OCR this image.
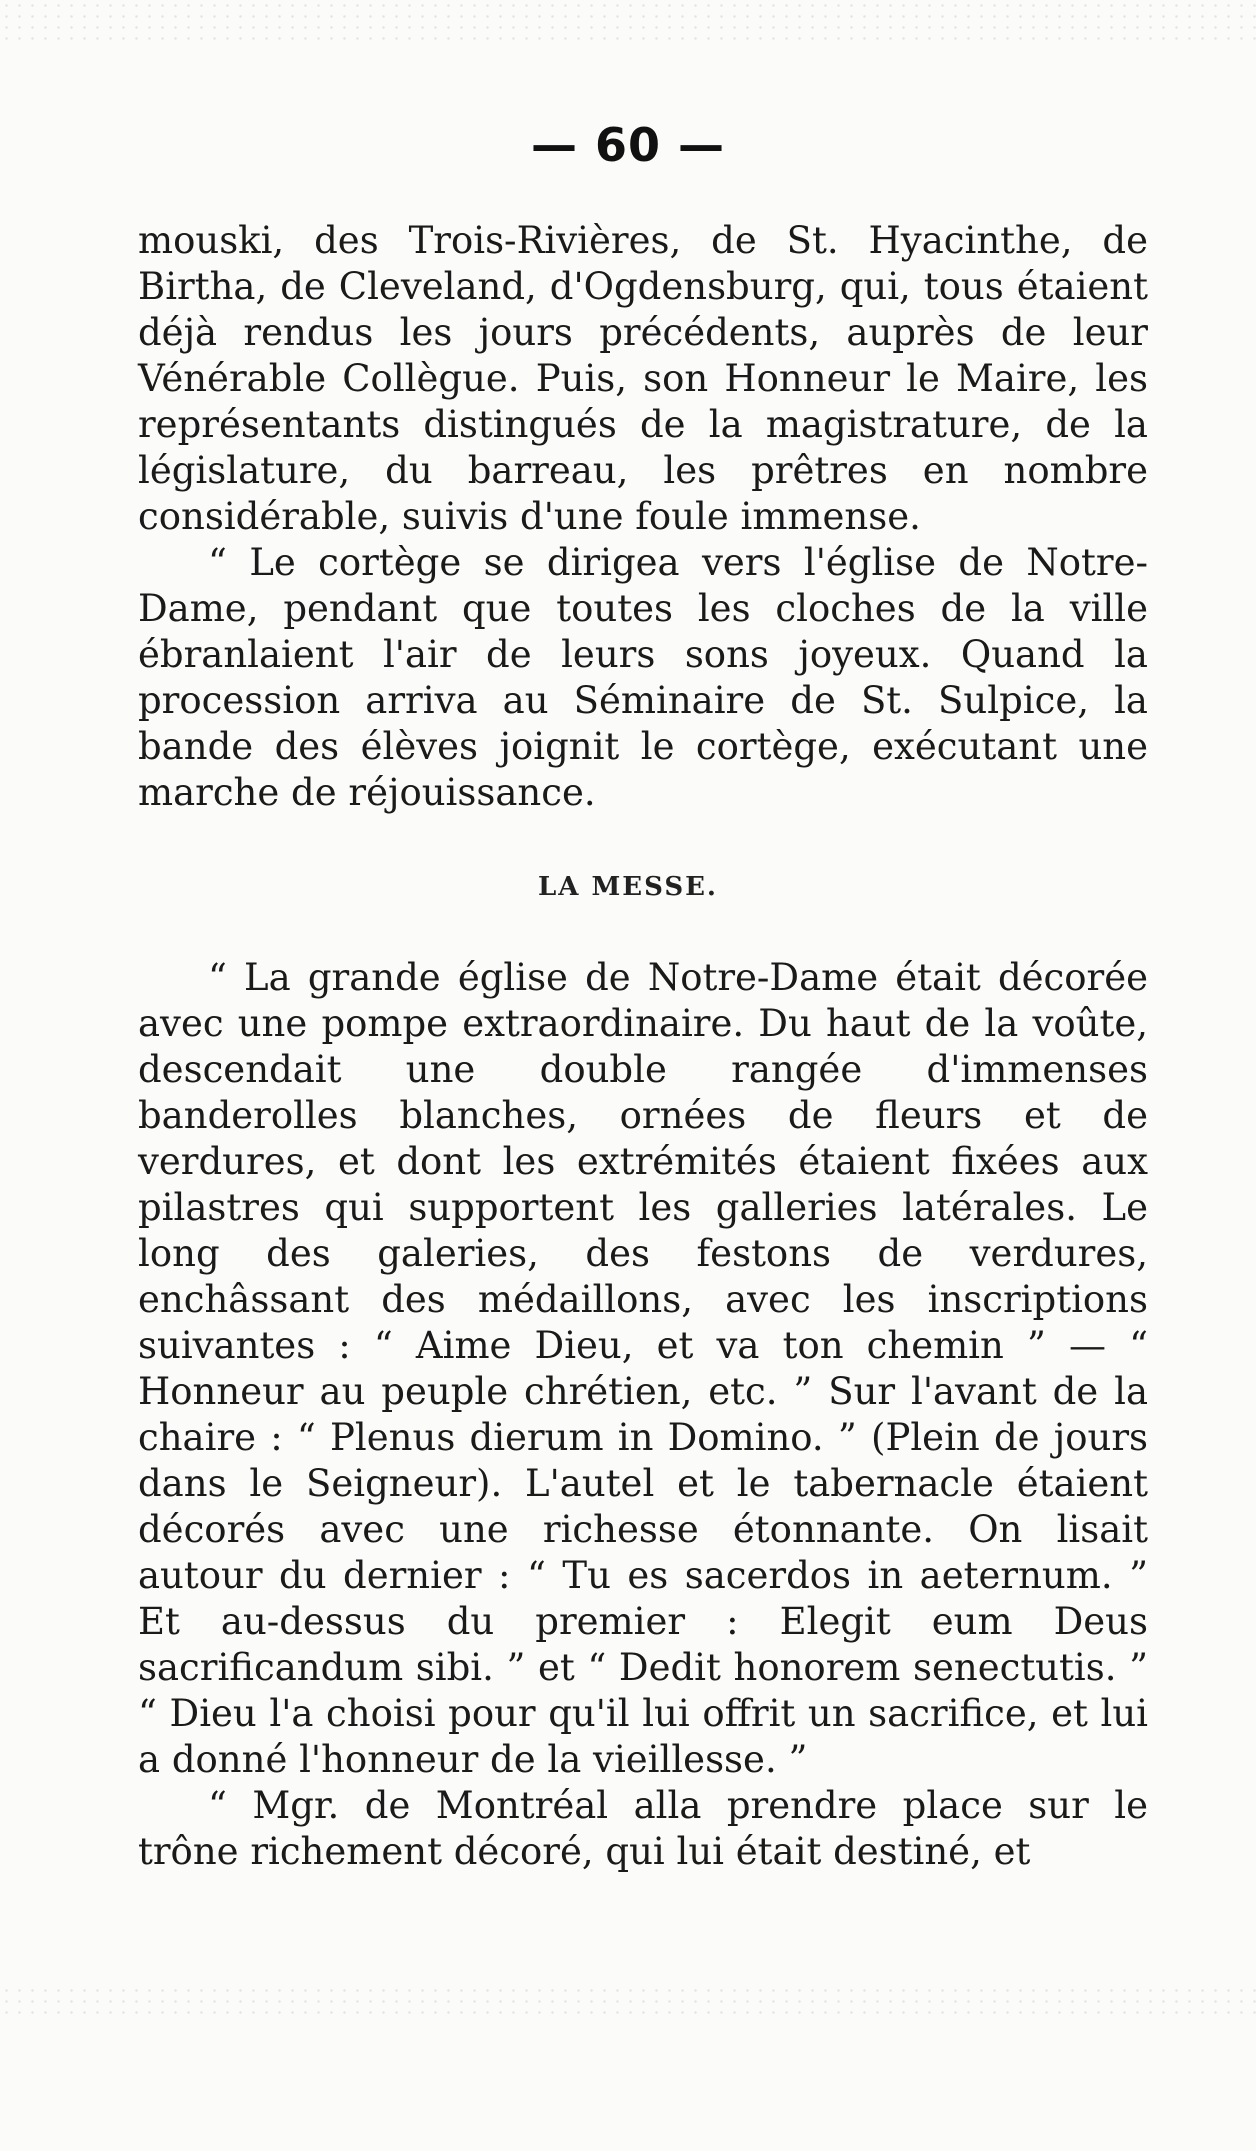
— 60 —

mouski, des Trois-Rivières, de St. Hyacinthe, de Birtha, de Cleveland, d'Ogdensburg, qui, tous étaient déjà rendus les jours précédents, auprès de leur Vénérable Collègue. Puis, son Honneur le Maire, les représentants distingués de la magistrature, de la législature, du barreau, les prêtres en nombre considérable, suivis d'une foule immense.

“ Le cortège se dirigea vers l'église de Notre-Dame, pendant que toutes les cloches de la ville ébranlaient l'air de leurs sons joyeux. Quand la procession arriva au Séminaire de St. Sulpice, la bande des élèves joignit le cortège, exécutant une marche de réjouissance.

LA MESSE.

“ La grande église de Notre-Dame était décorée avec une pompe extraordinaire. Du haut de la voûte, descendait une double rangée d'immenses banderolles blanches, ornées de fleurs et de verdures, et dont les extrémités étaient fixées aux pilastres qui supportent les galleries latérales. Le long des galeries, des festons de verdures, enchâssant des médaillons, avec les inscriptions suivantes : “ Aime Dieu, et va ton chemin ” — “ Honneur au peuple chrétien, etc. ” Sur l'avant de la chaire : “ Plenus dierum in Domino. ” (Plein de jours dans le Seigneur). L'autel et le tabernacle étaient décorés avec une richesse étonnante. On lisait autour du dernier : “ Tu es sacerdos in aeternum. ” Et au-dessus du premier : Elegit eum Deus sacrificandum sibi. ” et “ Dedit honorem senectutis. ” “ Dieu l'a choisi pour qu'il lui offrit un sacrifice, et lui a donné l'honneur de la vieillesse. ”

“ Mgr. de Montréal alla prendre place sur le trône richement décoré, qui lui était destiné, et
